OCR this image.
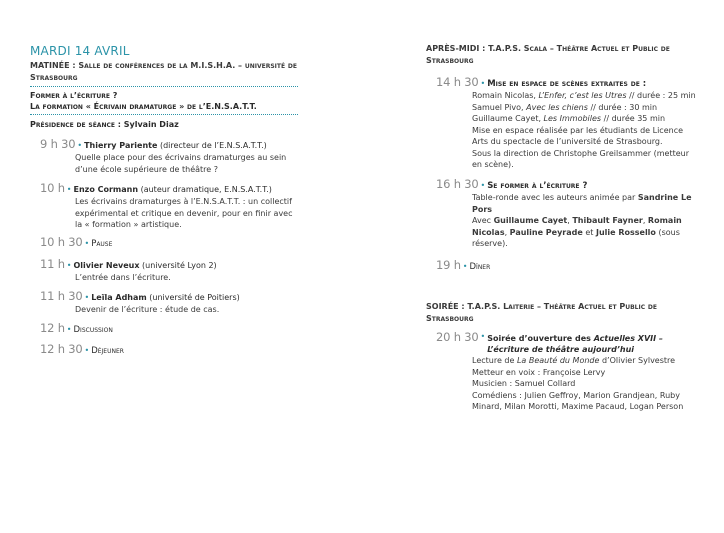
MARDI 14 AVRIL
MATINÉE : Salle de conférences de la M.I.S.H.A. – université de Strasbourg
Former à l’écriture ?
La formation « Écrivain dramaturge » de l’E.N.S.A.T.T.
Présidence de séance : Sylvain Diaz
9 h 30 • Thierry Pariente (directeur de l’E.N.S.A.T.T.)
Quelle place pour des écrivains dramaturges au sein d’une école supérieure de théâtre ?
10 h • Enzo Cormann (auteur dramatique, E.N.S.A.T.T.)
Les écrivains dramaturges à l’E.N.S.A.T.T. : un collectif expérimental et critique en devenir, pour en finir avec la « formation » artistique.
10 h 30 • Pause
11 h • Olivier Neveux (université Lyon 2)
L’entrée dans l’écriture.
11 h 30 • Leïla Adham (université de Poitiers)
Devenir de l’écriture : étude de cas.
12 h • Discussion
12 h 30 • Déjeuner
APRÈS-MIDI : T.A.P.S. Scala – Théâtre Actuel et Public de Strasbourg
14 h 30 • Mise en espace de scènes extraites de :
Romain Nicolas, L’Enfer, c’est les Utres // durée : 25 min
Samuel Pivo, Avec les chiens // durée : 30 min
Guillaume Cayet, Les Immobiles // durée 35 min
Mise en espace réalisée par les étudiants de Licence Arts du spectacle de l’université de Strasbourg.
Sous la direction de Christophe Greilsammer (metteur en scène).
16 h 30 • Se former à l’écriture ?
Table-ronde avec les auteurs animée par Sandrine Le Pors
Avec Guillaume Cayet, Thibault Fayner, Romain Nicolas, Pauline Peyrade et Julie Rossello (sous réserve).
19 h • Dîner
SOIRÉE : T.A.P.S. Laiterie – Théâtre Actuel et Public de Strasbourg
20 h 30 • Soirée d’ouverture des Actuelles XVII – L’écriture de théâtre aujourd’hui
Lecture de La Beauté du Monde d’Olivier Sylvestre
Metteur en voix : Françoise Lervy
Musicien : Samuel Collard
Comédiens : Julien Geffroy, Marion Grandjean, Ruby Minard, Milan Morotti, Maxime Pacaud, Logan Person
